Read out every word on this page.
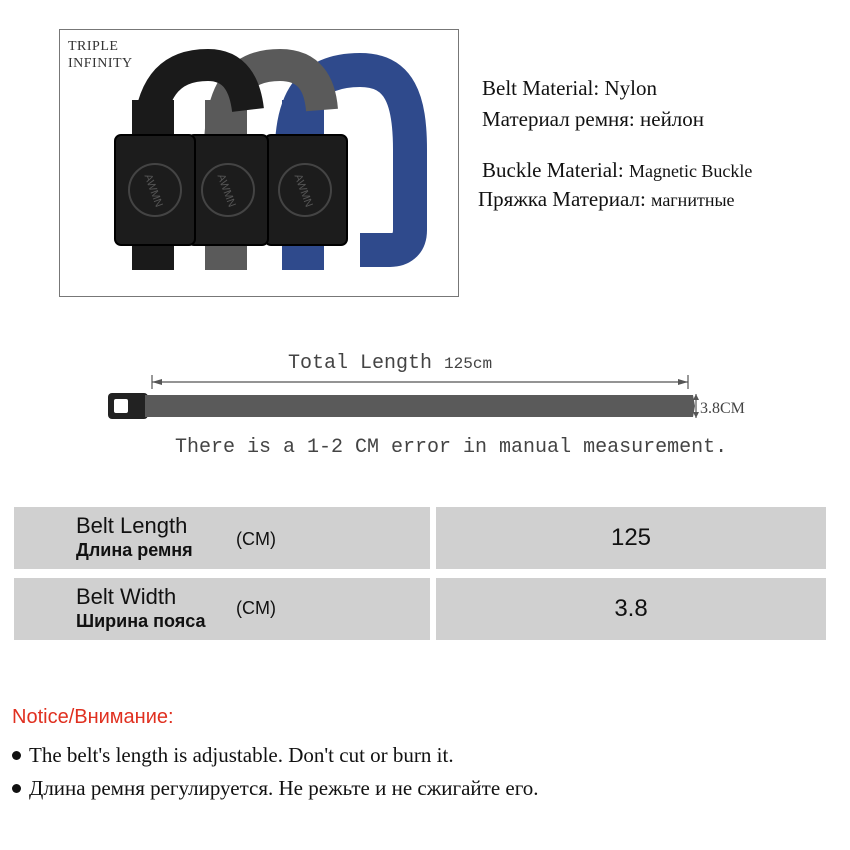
TRIPLE
INFINITY
AWMN
AWMN
AWMN
Belt Material: Nylon
Материал ремня: нейлон
Buckle Material: Magnetic Buckle
Пряжка Материал: магнитные
Total Length 125cm
3.8CM
There is a 1-2 CM error in manual measurement.
Belt Length
Длина ремня
(CM)	125
Belt Width
Ширина пояса
(CM)	3.8
Notice/Внимание:
The belt's length is adjustable. Don't cut or burn it.
Длина ремня регулируется. Не режьте и не сжигайте его.
